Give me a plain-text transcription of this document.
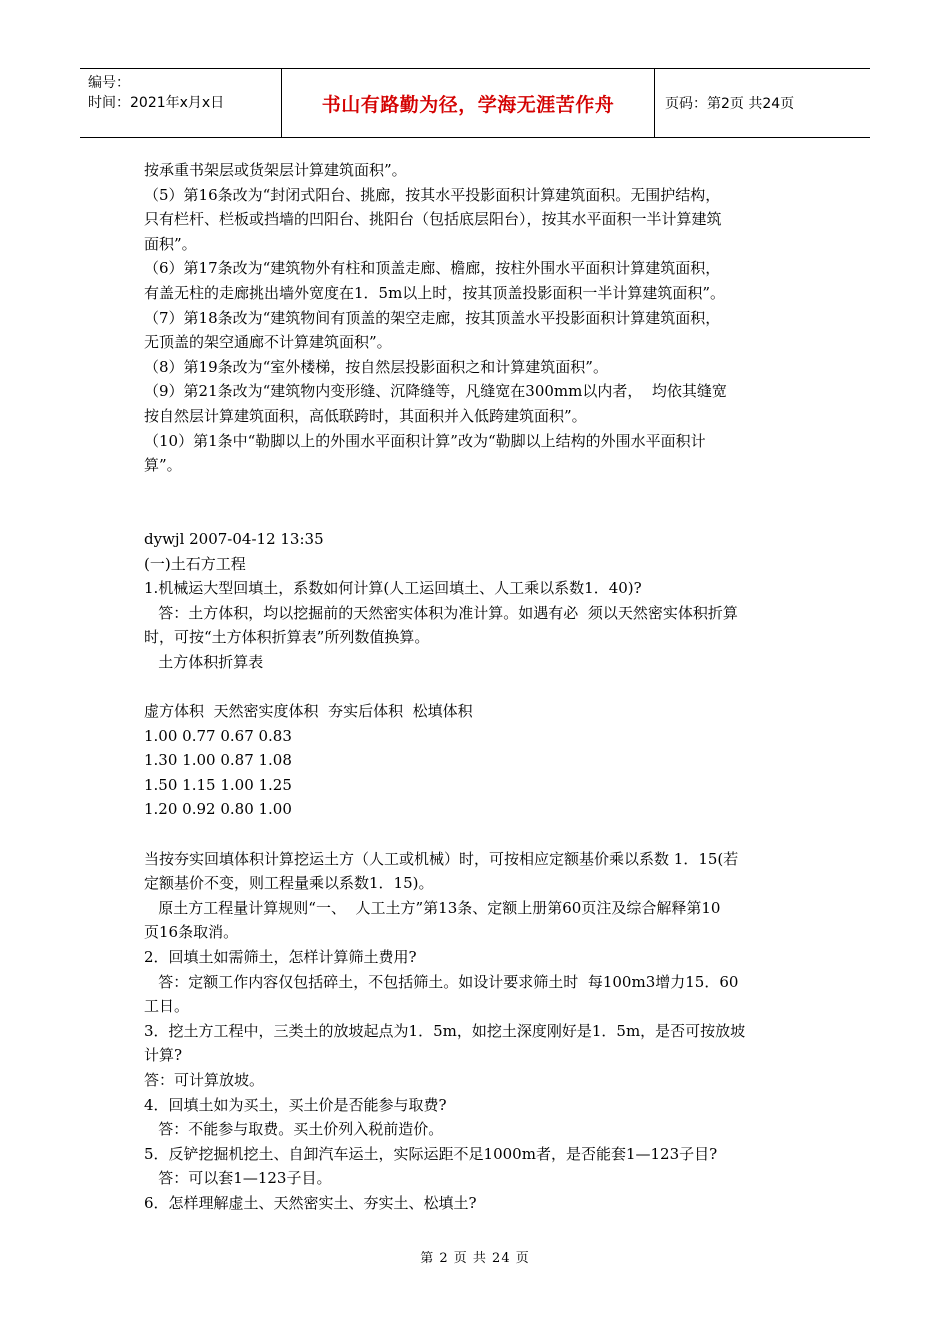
编号：
时间：2021年x月x日	书山有路勤为径，学海无涯苦作舟	页码：第2页 共24页
按承重书架层或货架层计算建筑面积”。
（5）第16条改为“封闭式阳台、挑廊，按其水平投影面积计算建筑面积。无围护结构，
只有栏杆、栏板或挡墙的凹阳台、挑阳台（包括底层阳台），按其水平面积一半计算建筑
面积”。
（6）第17条改为“建筑物外有柱和顶盖走廊、檐廊，按柱外围水平面积计算建筑面积，
有盖无柱的走廊挑出墙外宽度在1．5m以上时，按其顶盖投影面积一半计算建筑面积”。
（7）第18条改为“建筑物间有顶盖的架空走廊，按其顶盖水平投影面积计算建筑面积，
无顶盖的架空通廊不计算建筑面积”。
（8）第19条改为“室外楼梯，按自然层投影面积之和计算建筑面积”。
（9）第21条改为“建筑物内变形缝、沉降缝等，凡缝宽在300mm以内者，  均依其缝宽
按自然层计算建筑面积，高低联跨时，其面积并入低跨建筑面积”。
（10）第1条中“勒脚以上的外围水平面积计算”改为“勒脚以上结构的外围水平面积计
算”。
dywjl 2007-04-12 13:35
(一)土石方工程
1.机械运大型回填土，系数如何计算(人工运回填土、人工乘以系数1．40)?
答：土方体积，均以挖掘前的天然密实体积为准计算。如遇有必  须以天然密实体积折算
时，可按“土方体积折算表”所列数值换算。
土方体积折算表
虚方体积  天然密实度体积  夯实后体积  松填体积
1.00 0.77 0.67 0.83
1.30 1.00 0.87 1.08
1.50 1.15 1.00 1.25
1.20 0.92 0.80 1.00
当按夯实回填体积计算挖运土方（人工或机械）时，可按相应定额基价乘以系数 1．15(若
定额基价不变，则工程量乘以系数1．15)。
原土方工程量计算规则“一、  人工土方”第13条、定额上册第60页注及综合解释第10
页16条取消。
2．回填土如需筛土，怎样计算筛土费用?
答：定额工作内容仅包括碎土，不包括筛土。如设计要求筛土时  每100m3增力15．60
工日。
3．挖土方工程中，三类土的放坡起点为1．5m，如挖土深度刚好是1．5m，是否可按放坡
计算?
答：可计算放坡。
4．回填土如为买土，买土价是否能参与取费?
答：不能参与取费。买土价列入税前造价。
5．反铲挖掘机挖土、自卸汽车运土，实际运距不足1000m者，是否能套1—123子目?
答：可以套1—123子目。
6．怎样理解虚土、天然密实土、夯实土、松填土?
第 2 页 共 24 页
